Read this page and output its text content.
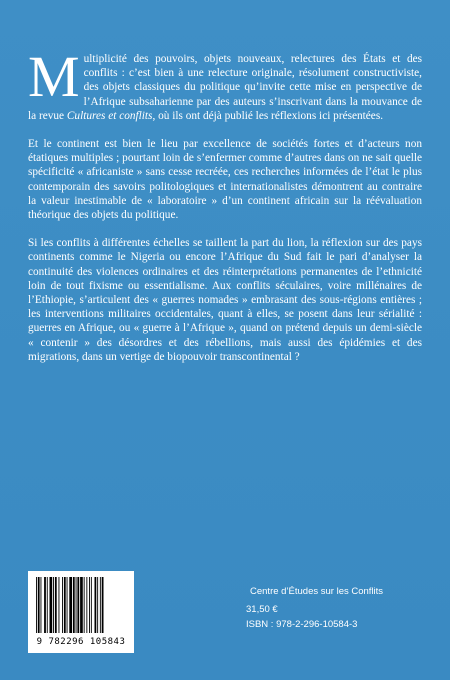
Multiplicité des pouvoirs, objets nouveaux, relectures des États et des conflits : c’est bien à une relecture originale, résolument constructiviste, des objets classiques du politique qu’invite cette mise en perspective de l’Afrique subsaharienne par des auteurs s’inscrivant dans la mouvance de la revue Cultures et conflits, où ils ont déjà publié les réflexions ici présentées.

Et le continent est bien le lieu par excellence de sociétés fortes et d’acteurs non étatiques multiples ; pourtant loin de s’enfermer comme d’autres dans on ne sait quelle spécificité « africaniste » sans cesse recréée, ces recherches informées de l’état le plus contemporain des savoirs politologiques et internationalistes démontrent au contraire la valeur inestimable de « laboratoire » d’un continent africain sur la réévaluation théorique des objets du politique.

Si les conflits à différentes échelles se taillent la part du lion, la réflexion sur des pays continents comme le Nigeria ou encore l’Afrique du Sud fait le pari d’analyser la continuité des violences ordinaires et des réinterprétations permanentes de l’ethnicité loin de tout fixisme ou essentialisme. Aux conflits séculaires, voire millénaires de l’Ethiopie, s’articulent des « guerres nomades » embrasant des sous-régions entières ; les interventions militaires occidentales, quant à elles, se posent dans leur sérialité : guerres en Afrique, ou « guerre à l’Afrique », quand on prétend depuis un demi-siècle « contenir » des désordres et des rébellions, mais aussi des épidémies et des migrations, dans un vertige de biopouvoir transcontinental ?

9 782296 105843
Centre d’Études sur les Conflits
31,50 €
ISBN : 978-2-296-10584-3
